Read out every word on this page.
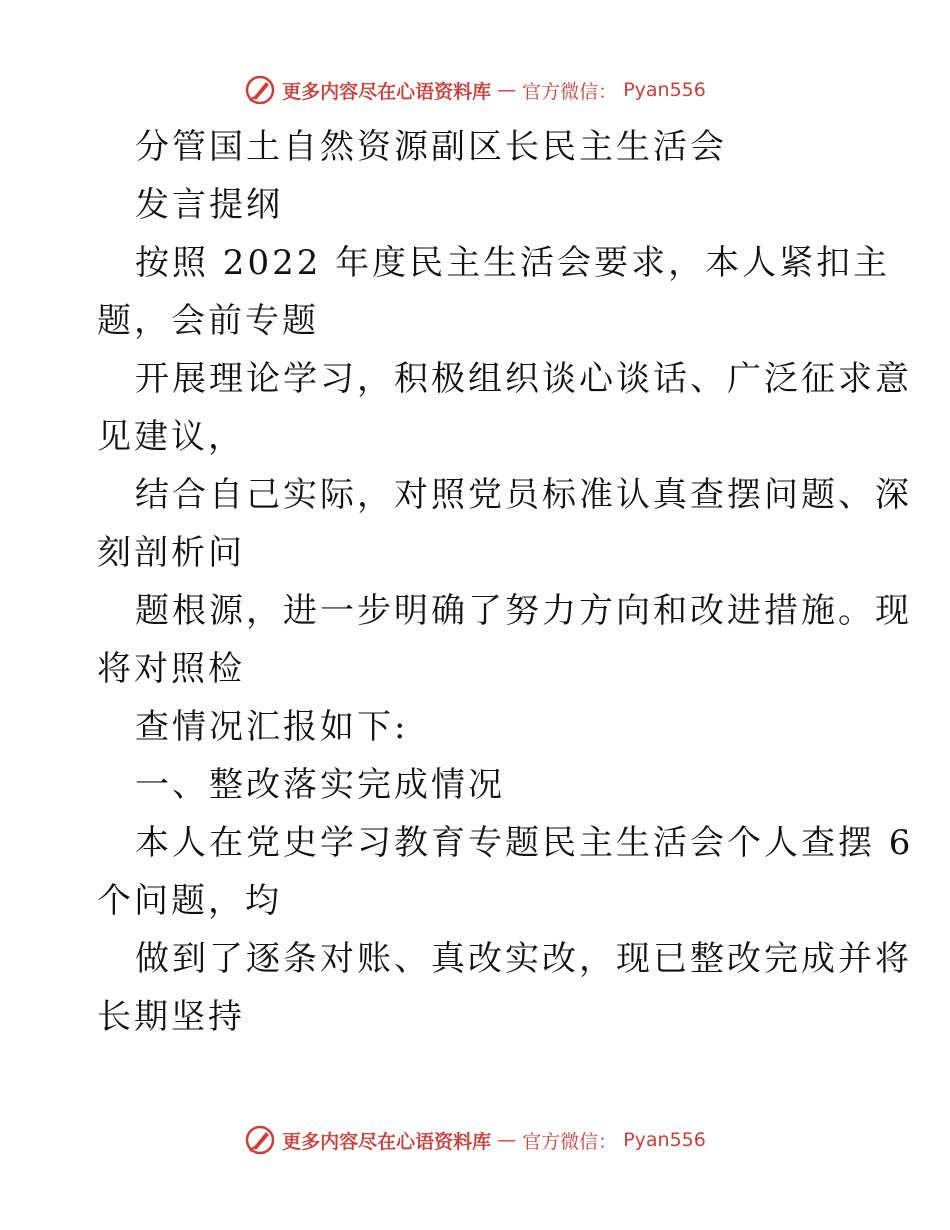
更多内容尽在心语资料库 — 官方微信： Pyan556
分管国土自然资源副区长民主生活会
发言提纲
按照 2022 年度民主生活会要求，本人紧扣主
题，会前专题
开展理论学习，积极组织谈心谈话、广泛征求意
见建议，
结合自己实际，对照党员标准认真查摆问题、深
刻剖析问
题根源，进一步明确了努力方向和改进措施。现
将对照检
查情况汇报如下:
一、整改落实完成情况
本人在党史学习教育专题民主生活会个人查摆 6
个问题，均
做到了逐条对账、真改实改，现已整改完成并将
长期坚持
更多内容尽在心语资料库 — 官方微信： Pyan556
